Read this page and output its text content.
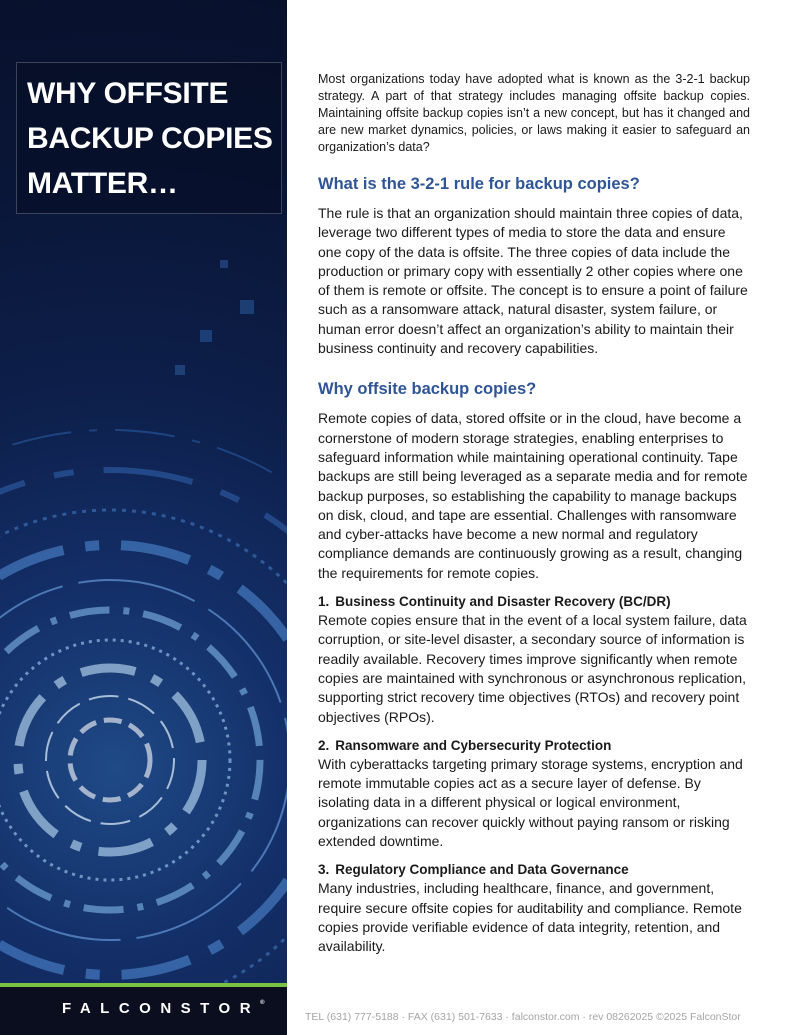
WHY OFFSITE
BACKUP COPIES
MATTER…

Most organizations today have adopted what is known as the 3-2-1 backup strategy. A part of that strategy includes managing offsite backup copies. Maintaining offsite backup copies isn’t a new concept, but has it changed and are new market dynamics, policies, or laws making it easier to safeguard an organization’s data?

What is the 3-2-1 rule for backup copies?

The rule is that an organization should maintain three copies of data, leverage two different types of media to store the data and ensure one copy of the data is offsite. The three copies of data include the production or primary copy with essentially 2 other copies where one of them is remote or offsite. The concept is to ensure a point of failure such as a ransomware attack, natural disaster, system failure, or human error doesn’t affect an organization’s ability to maintain their business continuity and recovery capabilities.

Why offsite backup copies?

Remote copies of data, stored offsite or in the cloud, have become a cornerstone of modern storage strategies, enabling enterprises to safeguard information while maintaining operational continuity. Tape backups are still being leveraged as a separate media and for remote backup purposes, so establishing the capability to manage backups on disk, cloud, and tape are essential. Challenges with ransomware and cyber-attacks have become a new normal and regulatory compliance demands are continuously growing as a result, changing the requirements for remote copies.

1. Business Continuity and Disaster Recovery (BC/DR)

Remote copies ensure that in the event of a local system failure, data corruption, or site-level disaster, a secondary source of information is readily available. Recovery times improve significantly when remote copies are maintained with synchronous or asynchronous replication, supporting strict recovery time objectives (RTOs) and recovery point objectives (RPOs).

2. Ransomware and Cybersecurity Protection

With cyberattacks targeting primary storage systems, encryption and remote immutable copies act as a secure layer of defense. By isolating data in a different physical or logical environment, organizations can recover quickly without paying ransom or risking extended downtime.

3. Regulatory Compliance and Data Governance

Many industries, including healthcare, finance, and government, require secure offsite copies for auditability and compliance. Remote copies provide verifiable evidence of data integrity, retention, and availability.

FALCONSTOR®
TEL (631) 777-5188 · FAX (631) 501-7633 · falconstor.com · rev 08262025 ©2025 FalconStor
